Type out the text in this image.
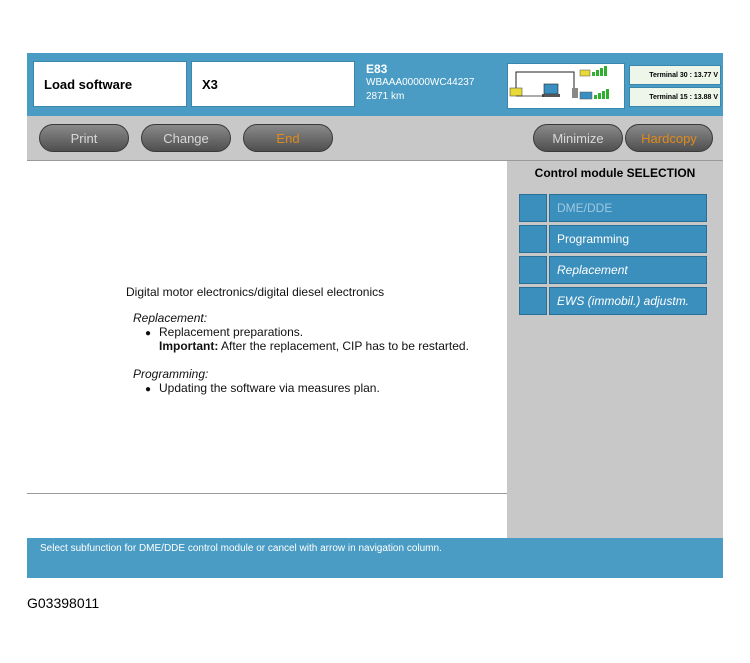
Load software	X3
E83
WBAAA00000WC44237
2871 km
Terminal 30 : 13.77 V
Terminal 15 : 13.88 V
Print	Change	End	Minimize	Hardcopy
Digital motor electronics/digital diesel electronics
Replacement:
● Replacement preparations.
Important: After the replacement, CIP has to be restarted.
Programming:
● Updating the software via measures plan.
Control module SELECTION
DME/DDE
Programming
Replacement
EWS (immobil.) adjustm.
Select subfunction for DME/DDE control module or cancel with arrow in navigation column.
G03398011
